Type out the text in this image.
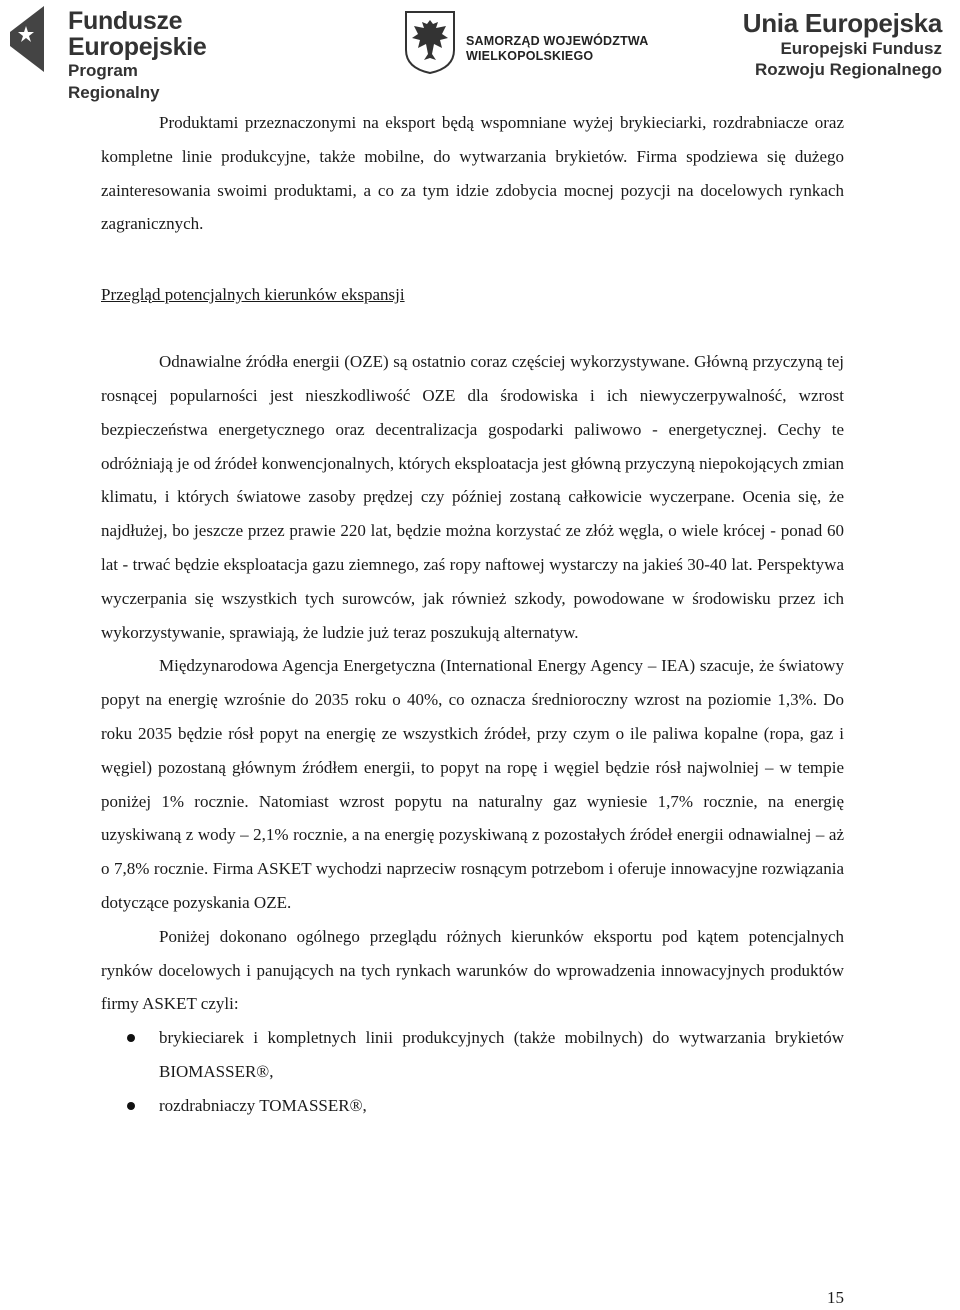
Fundusze
Europejskie
Program Regionalny
SAMORZĄD WOJEWÓDZTWA
WIELKOPOLSKIEGO
Unia Europejska
Europejski Fundusz
Rozwoju Regionalnego

Produktami przeznaczonymi na eksport będą wspomniane wyżej brykieciarki, rozdrabniacze oraz kompletne linie produkcyjne, także mobilne, do wytwarzania brykietów. Firma spodziewa się dużego zainteresowania swoimi produktami, a co za tym idzie zdobycia mocnej pozycji na docelowych rynkach zagranicznych.

Przegląd potencjalnych kierunków ekspansji

Odnawialne źródła energii (OZE) są ostatnio coraz częściej wykorzystywane. Główną przyczyną tej rosnącej popularności jest nieszkodliwość OZE dla środowiska i ich niewyczerpywalność, wzrost bezpieczeństwa energetycznego oraz decentralizacja gospodarki paliwowo - energetycznej. Cechy te odróżniają je od źródeł konwencjonalnych, których eksploatacja jest główną przyczyną niepokojących zmian klimatu, i których światowe zasoby prędzej czy później zostaną całkowicie wyczerpane. Ocenia się, że najdłużej, bo jeszcze przez prawie 220 lat, będzie można korzystać ze złóż węgla, o wiele krócej - ponad 60 lat - trwać będzie eksploatacja gazu ziemnego, zaś ropy naftowej wystarczy na jakieś 30-40 lat. Perspektywa wyczerpania się wszystkich tych surowców, jak również szkody, powodowane w środowisku przez ich wykorzystywanie, sprawiają, że ludzie już teraz poszukują alternatyw.

Międzynarodowa Agencja Energetyczna (International Energy Agency – IEA) szacuje, że światowy popyt na energię wzrośnie do 2035 roku o 40%, co oznacza średnioroczny wzrost na poziomie 1,3%. Do roku 2035 będzie rósł popyt na energię ze wszystkich źródeł, przy czym o ile paliwa kopalne (ropa, gaz i węgiel) pozostaną głównym źródłem energii, to popyt na ropę i węgiel będzie rósł najwolniej – w tempie poniżej 1% rocznie. Natomiast wzrost popytu na naturalny gaz wyniesie 1,7% rocznie, na energię uzyskiwaną z wody – 2,1% rocznie, a na energię pozyskiwaną z pozostałych źródeł energii odnawialnej – aż o 7,8% rocznie. Firma ASKET wychodzi naprzeciw rosnącym potrzebom i oferuje innowacyjne rozwiązania dotyczące pozyskania OZE.

Poniżej dokonano ogólnego przeglądu różnych kierunków eksportu pod kątem potencjalnych rynków docelowych i panujących na tych rynkach warunków do wprowadzenia innowacyjnych produktów firmy ASKET czyli:

brykieciarek i kompletnych linii produkcyjnych (także mobilnych) do wytwarzania brykietów BIOMASSER®,
rozdrabniaczy TOMASSER®,
15
